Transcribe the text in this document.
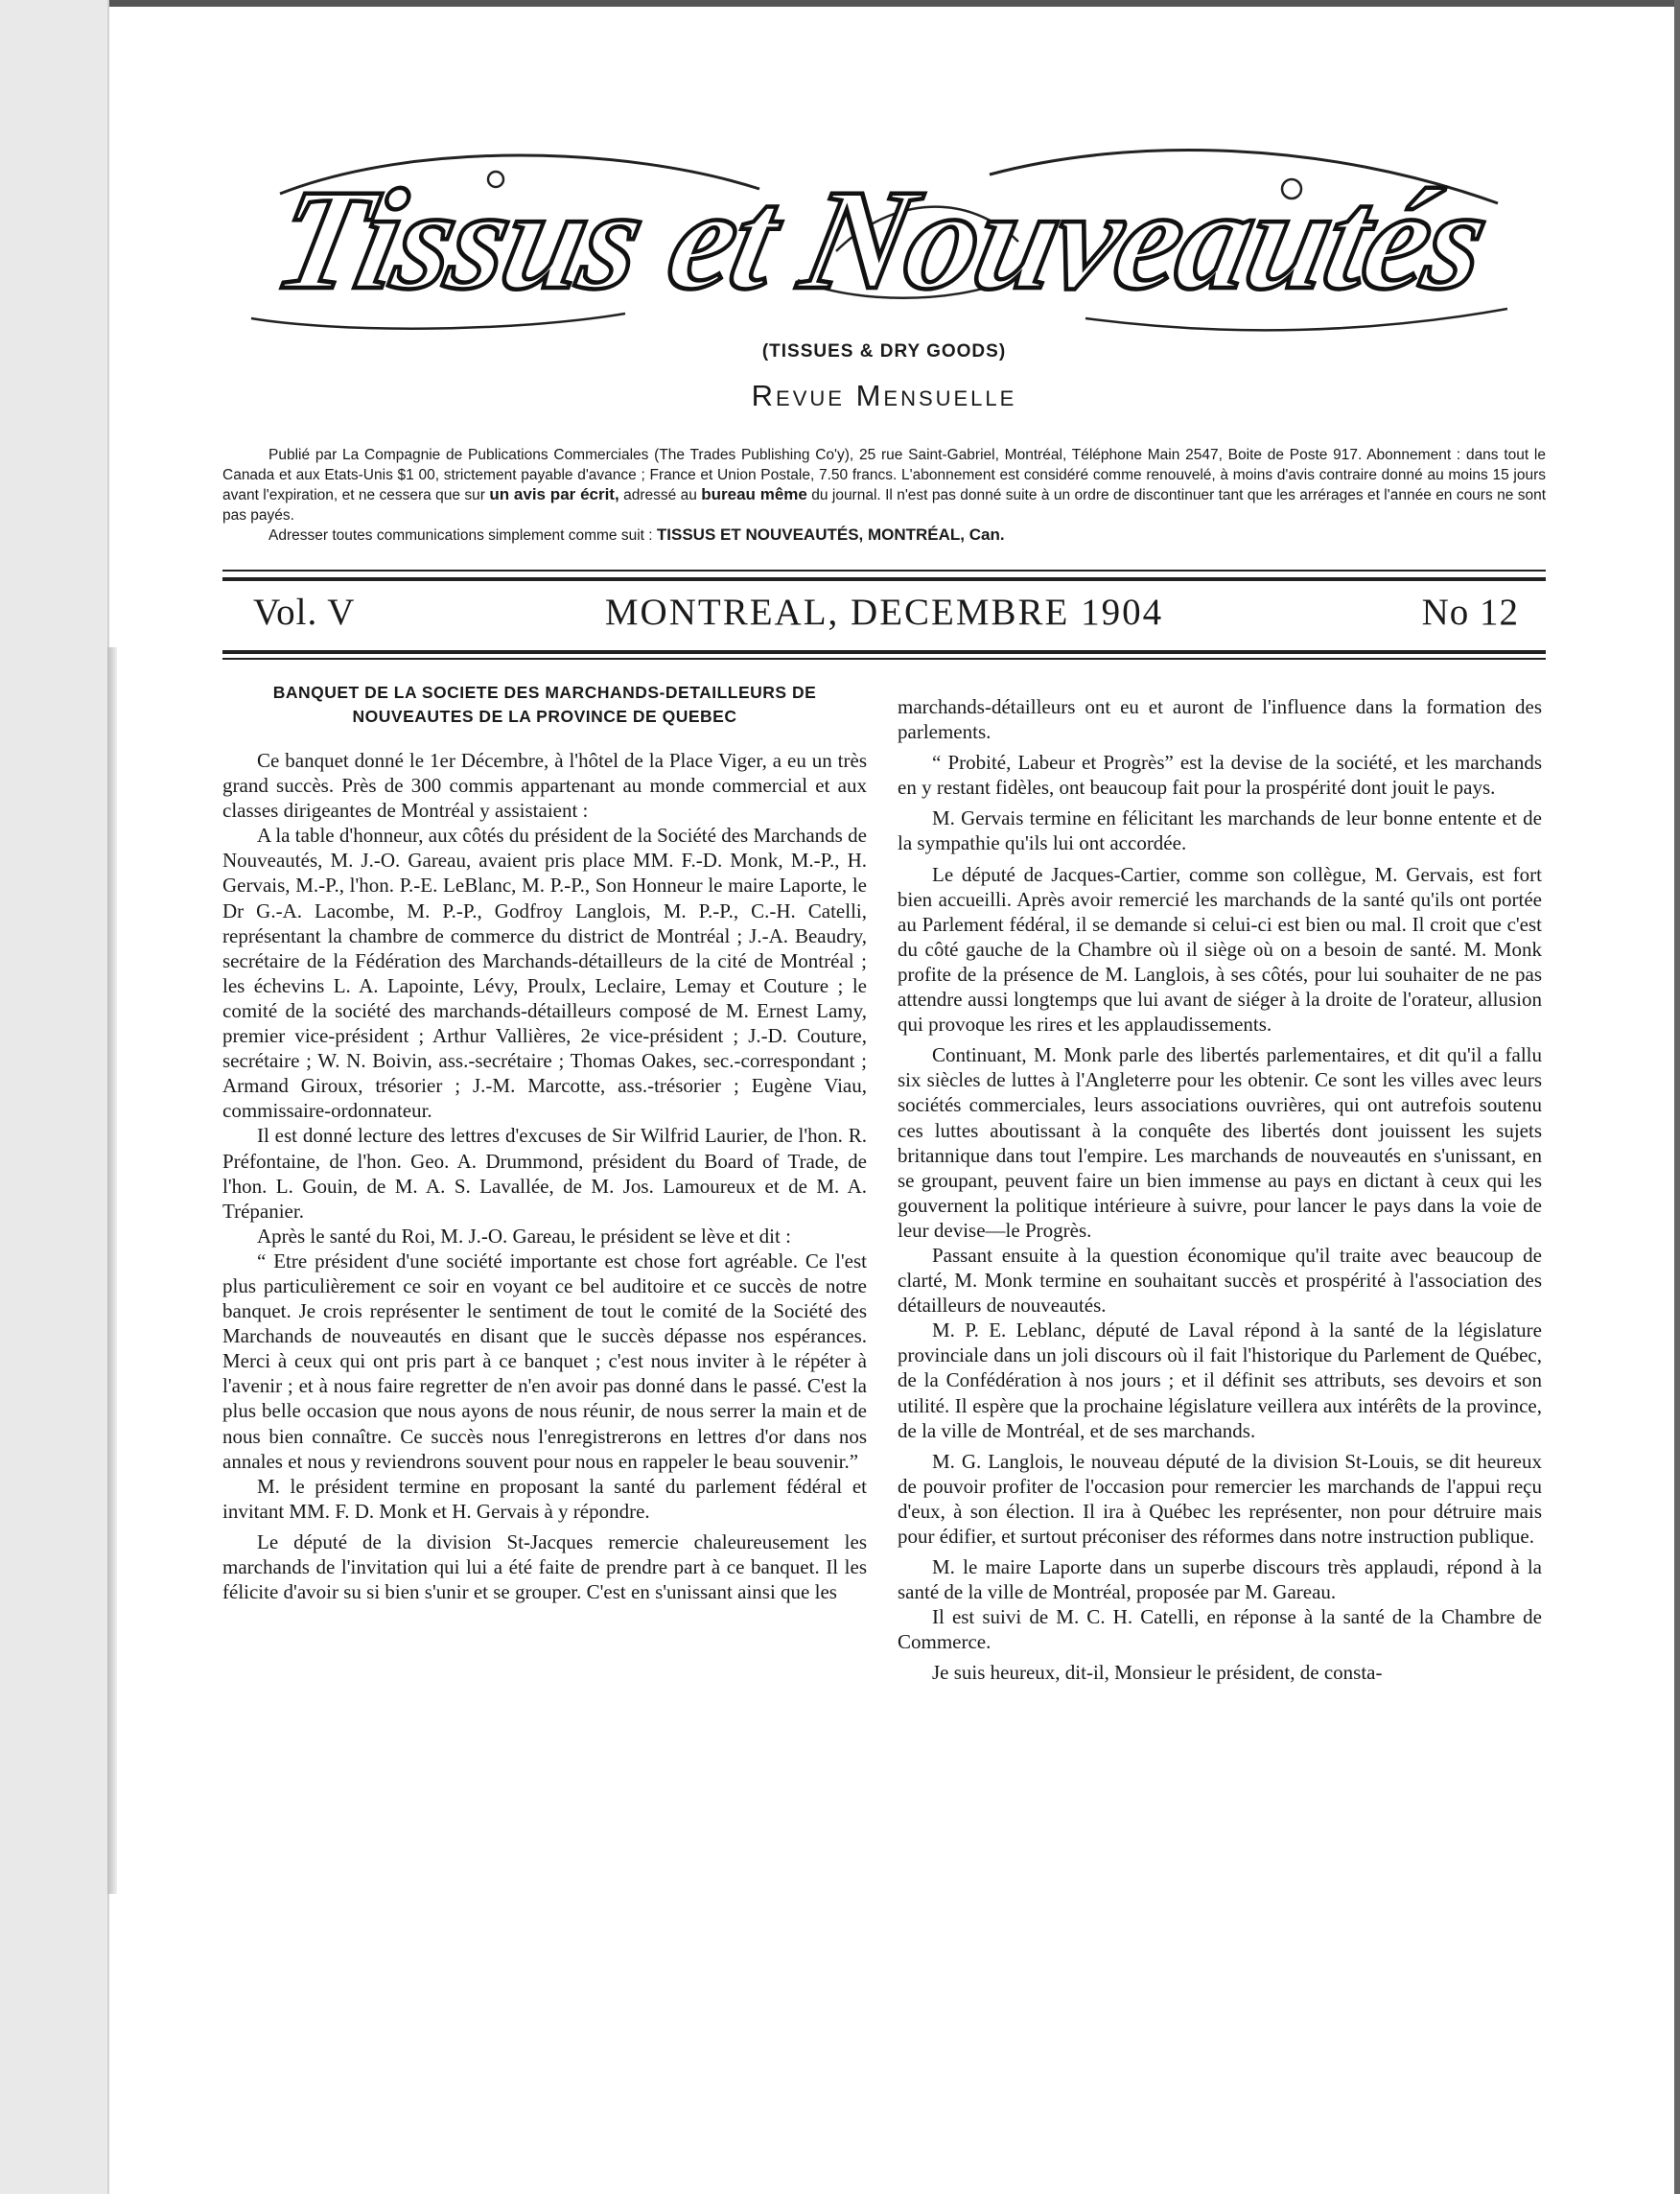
Tissus et Nouveautés
(TISSUES & DRY GOODS)
Revue Mensuelle
Publié par La Compagnie de Publications Commerciales (The Trades Publishing Co'y), 25 rue Saint-Gabriel, Montréal, Téléphone Main 2547, Boite de Poste 917. Abonnement : dans tout le Canada et aux Etats-Unis $1 00, strictement payable d'avance ; France et Union Postale, 7.50 francs. L'abonnement est considéré comme renouvelé, à moins d'avis contraire donné au moins 15 jours avant l'expiration, et ne cessera que sur un avis par écrit, adressé au bureau même du journal. Il n'est pas donné suite à un ordre de discontinuer tant que les arrérages et l'année en cours ne sont pas payés.
Adresser toutes communications simplement comme suit : TISSUS ET NOUVEAUTÉS, MONTRÉAL, Can.
Vol. V	MONTREAL, DECEMBRE 1904	No 12
BANQUET DE LA SOCIETE DES MARCHANDS-DETAILLEURS DE NOUVEAUTES DE LA PROVINCE DE QUEBEC

Ce banquet donné le 1er Décembre, à l'hôtel de la Place Viger, a eu un très grand succès. Près de 300 commis appartenant au monde commercial et aux classes dirigeantes de Montréal y assistaient :

A la table d'honneur, aux côtés du président de la Société des Marchands de Nouveautés, M. J.-O. Gareau, avaient pris place MM. F.-D. Monk, M.-P., H. Gervais, M.-P., l'hon. P.-E. LeBlanc, M. P.-P., Son Honneur le maire Laporte, le Dr G.-A. Lacombe, M. P.-P., Godfroy Langlois, M. P.-P., C.-H. Catelli, représentant la chambre de commerce du district de Montréal ; J.-A. Beaudry, secrétaire de la Fédération des Marchands-détailleurs de la cité de Montréal ; les échevins L. A. Lapointe, Lévy, Proulx, Leclaire, Lemay et Couture ; le comité de la société des marchands-détailleurs composé de M. Ernest Lamy, premier vice-président ; Arthur Vallières, 2e vice-président ; J.-D. Couture, secrétaire ; W. N. Boivin, ass.-secrétaire ; Thomas Oakes, sec.-correspondant ; Armand Giroux, trésorier ; J.-M. Marcotte, ass.-trésorier ; Eugène Viau, commissaire-ordonnateur.

Il est donné lecture des lettres d'excuses de Sir Wilfrid Laurier, de l'hon. R. Préfontaine, de l'hon. Geo. A. Drummond, président du Board of Trade, de l'hon. L. Gouin, de M. A. S. Lavallée, de M. Jos. Lamoureux et de M. A. Trépanier.

Après le santé du Roi, M. J.-O. Gareau, le président se lève et dit :

“ Etre président d'une société importante est chose fort agréable. Ce l'est plus particulièrement ce soir en voyant ce bel auditoire et ce succès de notre banquet. Je crois représenter le sentiment de tout le comité de la Société des Marchands de nouveautés en disant que le succès dépasse nos espérances. Merci à ceux qui ont pris part à ce banquet ; c'est nous inviter à le répéter à l'avenir ; et à nous faire regretter de n'en avoir pas donné dans le passé. C'est la plus belle occasion que nous ayons de nous réunir, de nous serrer la main et de nous bien connaître. Ce succès nous l'enregistrerons en lettres d'or dans nos annales et nous y reviendrons souvent pour nous en rappeler le beau souvenir.”

M. le président termine en proposant la santé du parlement fédéral et invitant MM. F. D. Monk et H. Gervais à y répondre.

Le député de la division St-Jacques remercie chaleureusement les marchands de l'invitation qui lui a été faite de prendre part à ce banquet. Il les félicite d'avoir su si bien s'unir et se grouper. C'est en s'unissant ainsi que les

marchands-détailleurs ont eu et auront de l'influence dans la formation des parlements.

“ Probité, Labeur et Progrès” est la devise de la société, et les marchands en y restant fidèles, ont beaucoup fait pour la prospérité dont jouit le pays.

M. Gervais termine en félicitant les marchands de leur bonne entente et de la sympathie qu'ils lui ont accordée.

Le député de Jacques-Cartier, comme son collègue, M. Gervais, est fort bien accueilli. Après avoir remercié les marchands de la santé qu'ils ont portée au Parlement fédéral, il se demande si celui-ci est bien ou mal. Il croit que c'est du côté gauche de la Chambre où il siège où on a besoin de santé. M. Monk profite de la présence de M. Langlois, à ses côtés, pour lui souhaiter de ne pas attendre aussi longtemps que lui avant de siéger à la droite de l'orateur, allusion qui provoque les rires et les applaudissements.

Continuant, M. Monk parle des libertés parlementaires, et dit qu'il a fallu six siècles de luttes à l'Angleterre pour les obtenir. Ce sont les villes avec leurs sociétés commerciales, leurs associations ouvrières, qui ont autrefois soutenu ces luttes aboutissant à la conquête des libertés dont jouissent les sujets britannique dans tout l'empire. Les marchands de nouveautés en s'unissant, en se groupant, peuvent faire un bien immense au pays en dictant à ceux qui les gouvernent la politique intérieure à suivre, pour lancer le pays dans la voie de leur devise—le Progrès.

Passant ensuite à la question économique qu'il traite avec beaucoup de clarté, M. Monk termine en souhaitant succès et prospérité à l'association des détailleurs de nouveautés.

M. P. E. Leblanc, député de Laval répond à la santé de la législature provinciale dans un joli discours où il fait l'historique du Parlement de Québec, de la Confédération à nos jours ; et il définit ses attributs, ses devoirs et son utilité. Il espère que la prochaine législature veillera aux intérêts de la province, de la ville de Montréal, et de ses marchands.

M. G. Langlois, le nouveau député de la division St-Louis, se dit heureux de pouvoir profiter de l'occasion pour remercier les marchands de l'appui reçu d'eux, à son élection. Il ira à Québec les représenter, non pour détruire mais pour édifier, et surtout préconiser des réformes dans notre instruction publique.

M. le maire Laporte dans un superbe discours très applaudi, répond à la santé de la ville de Montréal, proposée par M. Gareau.

Il est suivi de M. C. H. Catelli, en réponse à la santé de la Chambre de Commerce.

Je suis heureux, dit-il, Monsieur le président, de consta-
